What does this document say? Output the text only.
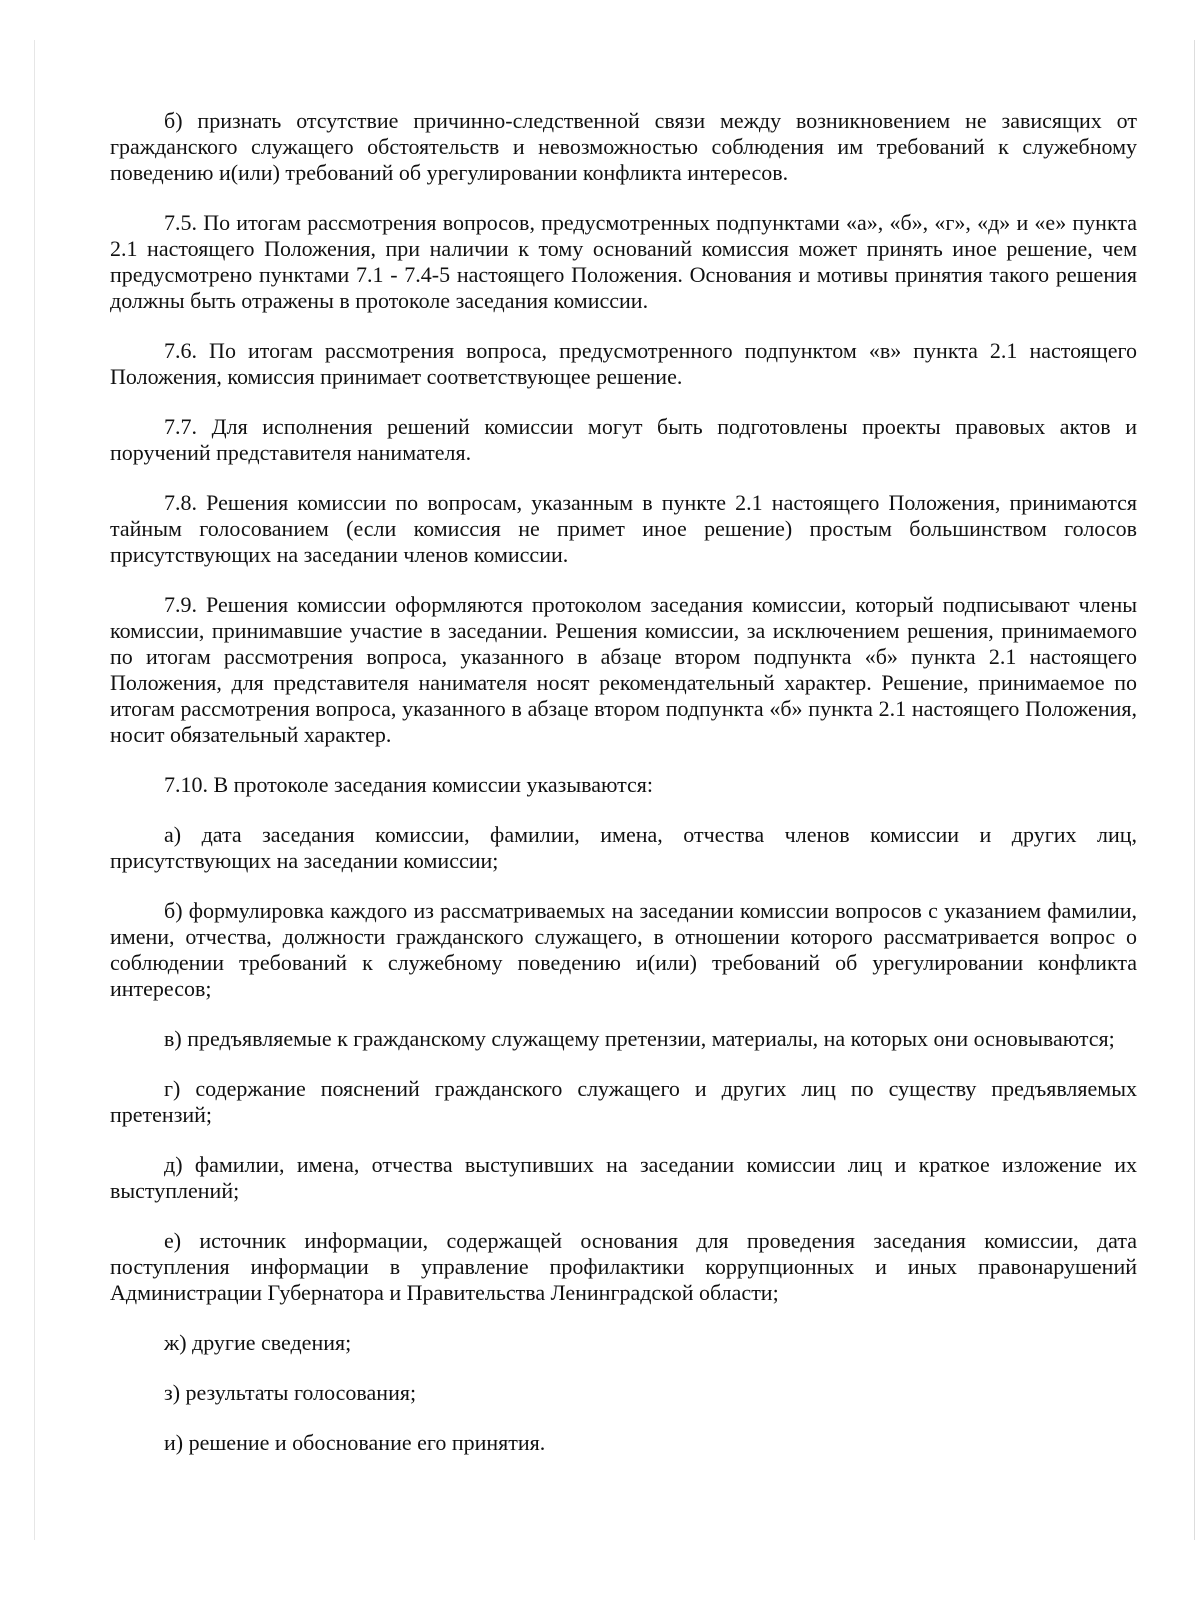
б) признать отсутствие причинно-следственной связи между возникновением не зависящих от гражданского служащего обстоятельств и невозможностью соблюдения им требований к служебному поведению и(или) требований об урегулировании конфликта интересов.

7.5. По итогам рассмотрения вопросов, предусмотренных подпунктами «а», «б», «г», «д» и «е» пункта 2.1 настоящего Положения, при наличии к тому оснований комиссия может принять иное решение, чем предусмотрено пунктами 7.1 - 7.4-5 настоящего Положения. Основания и мотивы принятия такого решения должны быть отражены в протоколе заседания комиссии.

7.6. По итогам рассмотрения вопроса, предусмотренного подпунктом «в» пункта 2.1 настоящего Положения, комиссия принимает соответствующее решение.

7.7. Для исполнения решений комиссии могут быть подготовлены проекты правовых актов и поручений представителя нанимателя.

7.8. Решения комиссии по вопросам, указанным в пункте 2.1 настоящего Положения, принимаются тайным голосованием (если комиссия не примет иное решение) простым большинством голосов присутствующих на заседании членов комиссии.

7.9. Решения комиссии оформляются протоколом заседания комиссии, который подписывают члены комиссии, принимавшие участие в заседании. Решения комиссии, за исключением решения, принимаемого по итогам рассмотрения вопроса, указанного в абзаце втором подпункта «б» пункта 2.1 настоящего Положения, для представителя нанимателя носят рекомендательный характер. Решение, принимаемое по итогам рассмотрения вопроса, указанного в абзаце втором подпункта «б» пункта 2.1 настоящего Положения, носит обязательный характер.

7.10. В протоколе заседания комиссии указываются:

а) дата заседания комиссии, фамилии, имена, отчества членов комиссии и других лиц, присутствующих на заседании комиссии;

б) формулировка каждого из рассматриваемых на заседании комиссии вопросов с указанием фамилии, имени, отчества, должности гражданского служащего, в отношении которого рассматривается вопрос о соблюдении требований к служебному поведению и(или) требований об урегулировании конфликта интересов;

в) предъявляемые к гражданскому служащему претензии, материалы, на которых они основываются;

г) содержание пояснений гражданского служащего и других лиц по существу предъявляемых претензий;

д) фамилии, имена, отчества выступивших на заседании комиссии лиц и краткое изложение их выступлений;

е) источник информации, содержащей основания для проведения заседания комиссии, дата поступления информации в управление профилактики коррупционных и иных правонарушений Администрации Губернатора и Правительства Ленинградской области;

ж) другие сведения;

з) результаты голосования;

и) решение и обоснование его принятия.
